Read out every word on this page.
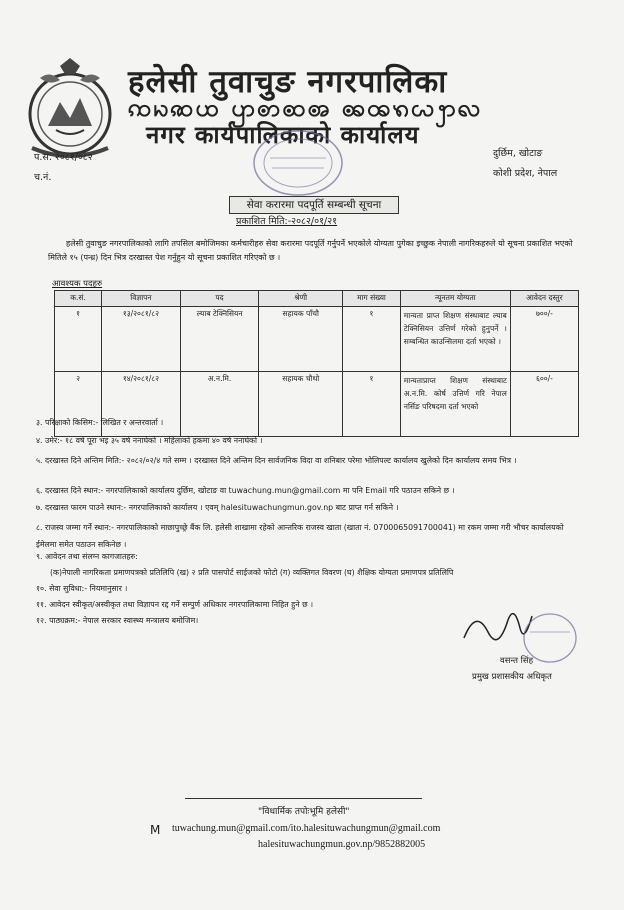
हलेसी तुवाचुङ नगरपालिका
ꩡꩢꩣꩤ ꩥꩦꩧꩨ ꩩꩪꩫꩬꩭꩮ
नगर कार्यपालिकाको कार्यालय
प.स. २०८१/०८२
च.नं.
दुर्छिम, खोटाङ
कोशी प्रदेश, नेपाल
सेवा करारमा पदपूर्ति सम्बन्धी सूचना
प्रकाशित मिति:-२०८२/०१/२१
हलेसी तुवाचुङ नगरपालिकाको लागि तपसिल बमोजिमका कर्मचारीहरु सेवा करारमा पदपूर्ति गर्नुपर्ने भएकोले योग्यता पुगेका इच्छुक नेपाली नागरिकहरुले यो सूचना प्रकाशित भएको मितिले १५ (पन्ध्र) दिन भित्र दरखास्त पेश गर्नुहुन यो सूचना प्रकाशित गरिएको छ ।
आवश्यक पदहरु
क.सं.	विज्ञापन	पद	श्रेणी	माग संख्या	न्यूनतम योग्यता	आवेदन दस्तुर
१	१३/२०८१/८२	ल्याब टेक्निसियन	सहायक पाँचौ	१	मान्यता प्राप्त शिक्षण संस्थाबाट ल्याब टेक्निसियन उत्तिर्ण गरेको हुनुपर्ने । सम्बन्धित काउन्सिलमा दर्ता भएको ।	७००/-
२	१४/२०८१/८२	अ.न.मि.	सहायक चौथो	१	मान्यताप्राप्त शिक्षण संस्थाबाट अ.न.मि. कोर्ष उत्तिर्ण गरि नेपाल नर्सिङ परिषदमा दर्ता भएको	६००/-
३. परिक्षाको किसिम:- लिखित र अन्तरवार्ता ।
४. उमेर:- १८ वर्ष पूरा भइ ३५ वर्ष ननाघेको । महिलाको हकमा ४० वर्ष ननाघेको ।
५. दरखास्त दिने अन्तिम मिति:- २०८२/०२/४ गते सम्म । दरखास्त दिने अन्तिम दिन सार्वजनिक विदा वा शनिबार परेमा भोलिपल्ट कार्यालय खुलेको दिन कार्यालय समय भित्र ।
६. दरखास्त दिने स्थान:- नगरपालिकाको कार्यालय दुर्छिम, खोटाङ वा tuwachung.mun@gmail.com मा पनि Email गरि पठाउन सकिने छ ।
७. दरखास्त फारम पाउने स्थान:- नगरपालिकाको कार्यालय । एवम् halesituwachungmun.gov.np बाट प्राप्त गर्न सकिने ।
८. राजस्व जम्मा गर्ने स्थान:- नगरपालिकाको माछापुच्छ्रे बैंक लि. हलेसी शाखामा रहेको आन्तरिक राजस्व खाता (खाता नं. 0700065091700041) मा रकम जम्मा गरी भौचर कार्यालयको ईमेलमा समेत पठाउन सकिनेछ ।
९. आवेदन तथा संलग्न कागजातहरु:
(क)नेपाली नागरिकता प्रमाणपत्रको प्रतिलिपि (ख) २ प्रति पासपोर्ट साईजको फोटो (ग) व्यक्तिगत विवरण (घ) शैक्षिक योग्यता प्रमाणपत्र प्रतिलिपि
१०. सेवा सुविधा:- नियमानुसार ।
११. आवेदन स्वीकृत/अस्वीकृत तथा विज्ञापन रद्द गर्ने सम्पुर्ण अधिकार नगरपालिकामा निहित हुने छ ।
१२. पाठ्यक्रम:- नेपाल सरकार स्वास्थ्य मन्त्रालय बमोजिम।
वसन्त सिंह
प्रमुख प्रशासकीय अधिकृत
"विधार्मिक तपोःभूमि हलेसी"
M tuwachung.mun@gmail.com/ito.halesituwachungmun@gmail.com
halesituwachungmun.gov.np/9852882005
